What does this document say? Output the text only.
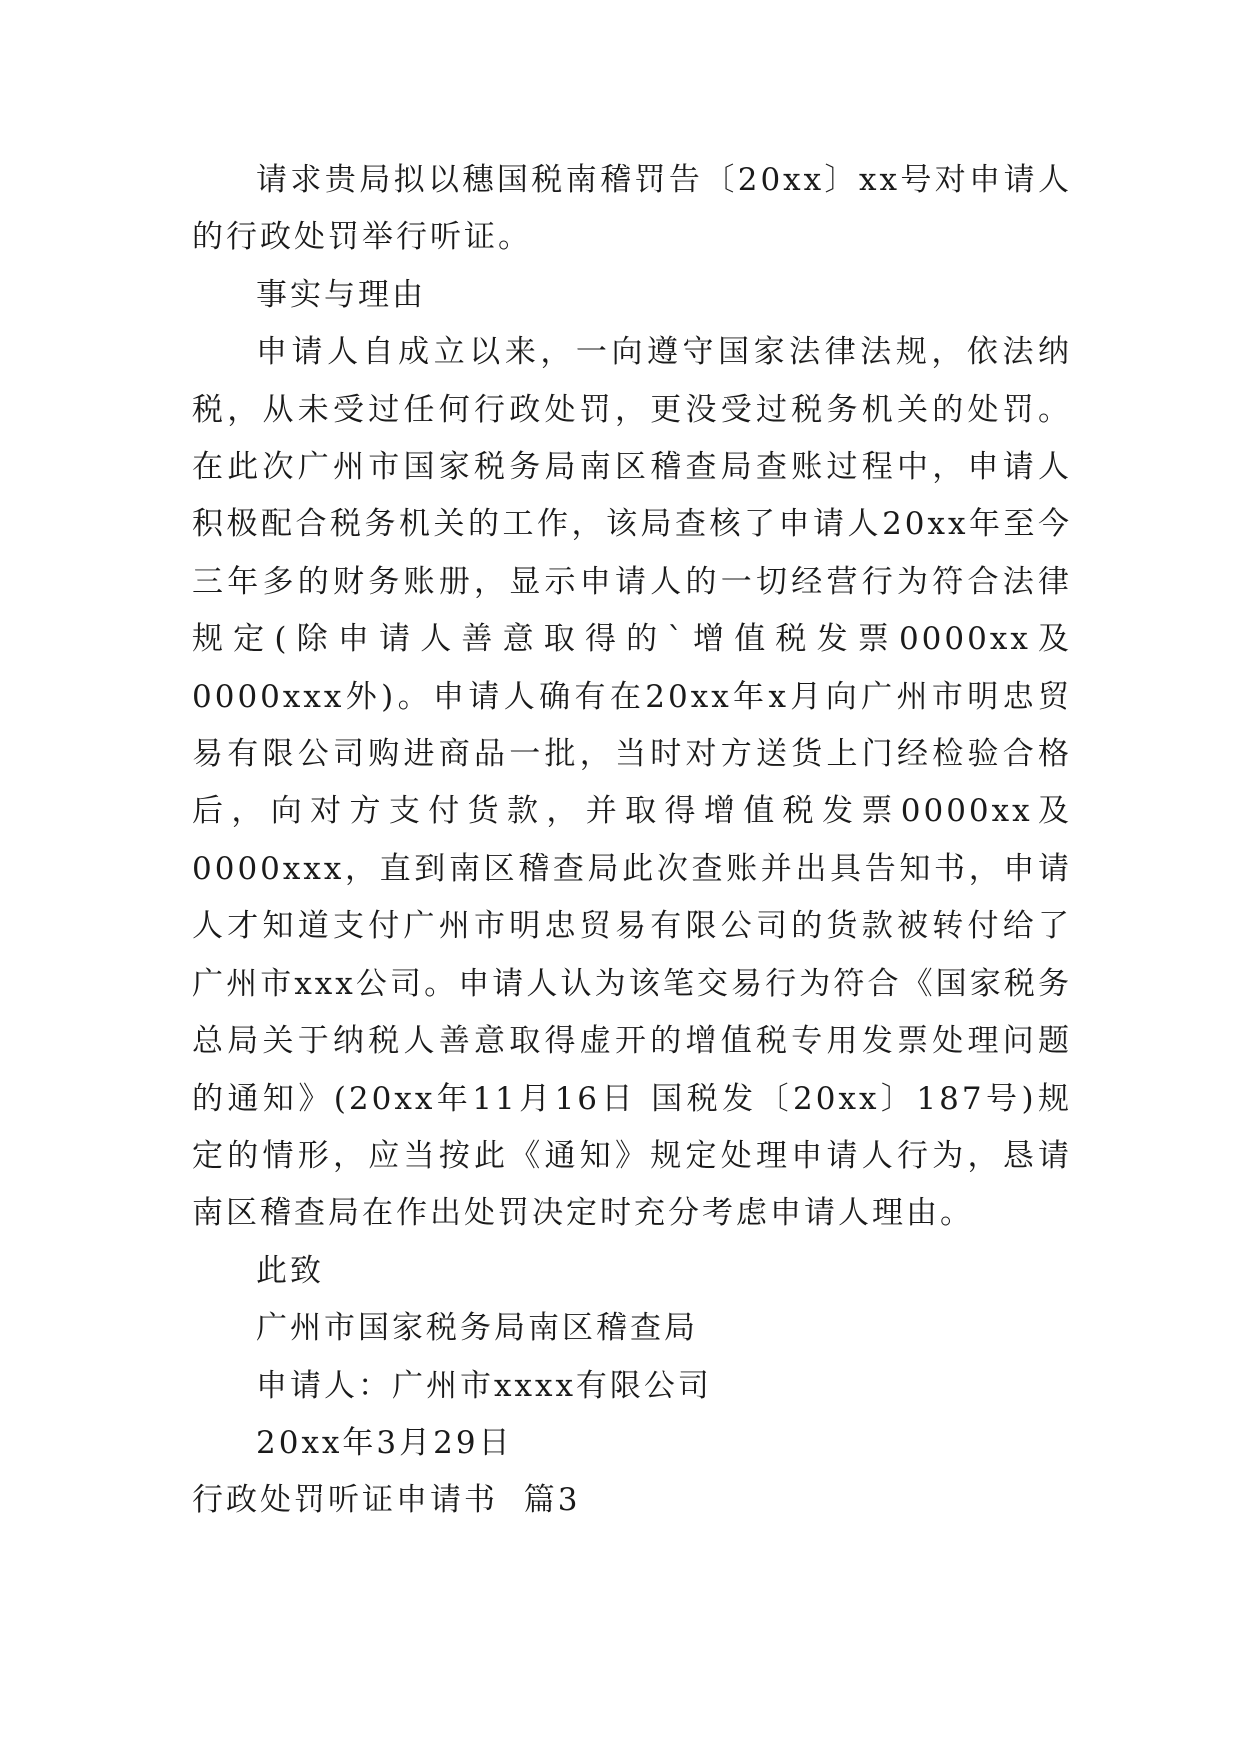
请求贵局拟以穗国税南稽罚告〔20xx〕xx号对申请人的行政处罚举行听证。

事实与理由

申请人自成立以来，一向遵守国家法律法规，依法纳税，从未受过任何行政处罚，更没受过税务机关的处罚。在此次广州市国家税务局南区稽查局查账过程中，申请人积极配合税务机关的工作，该局查核了申请人20xx年至今三年多的财务账册，显示申请人的一切经营行为符合法律规定(除申请人善意取得的`增值税发票0000xx及0000xxx外)。申请人确有在20xx年x月向广州市明忠贸易有限公司购进商品一批，当时对方送货上门经检验合格后，向对方支付货款，并取得增值税发票0000xx及0000xxx，直到南区稽查局此次查账并出具告知书，申请人才知道支付广州市明忠贸易有限公司的货款被转付给了广州市xxx公司。申请人认为该笔交易行为符合《国家税务总局关于纳税人善意取得虚开的增值税专用发票处理问题的通知》(20xx年11月16日 国税发〔20xx〕187号)规定的情形，应当按此《通知》规定处理申请人行为，恳请南区稽查局在作出处罚决定时充分考虑申请人理由。

此致

广州市国家税务局南区稽查局

申请人：广州市xxxx有限公司

20xx年3月29日

行政处罚听证申请书  篇3
